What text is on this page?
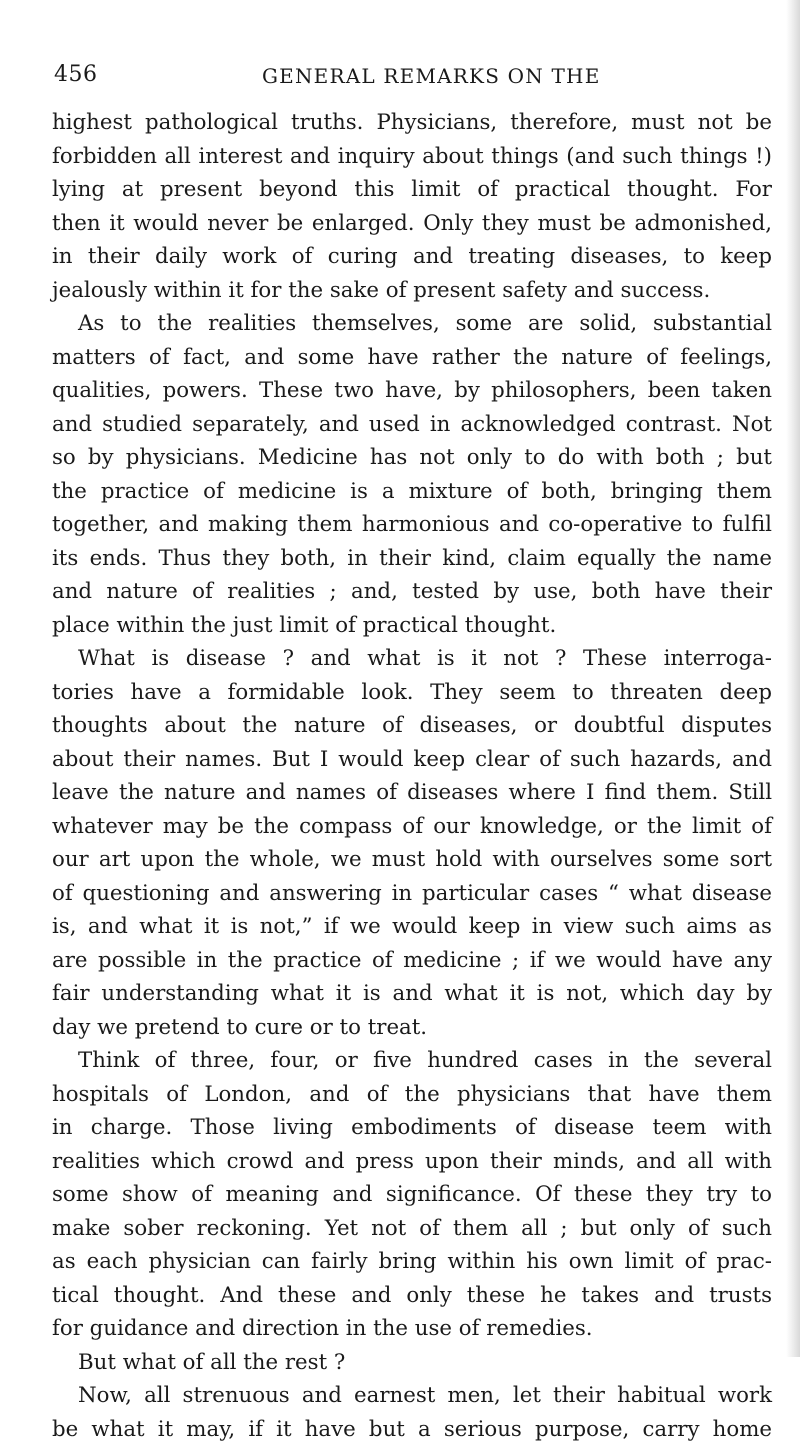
456	GENERAL REMARKS ON THE
highest pathological truths. Physicians, therefore, must not be
forbidden all interest and inquiry about things (and such things !)
lying at present beyond this limit of practical thought. For
then it would never be enlarged. Only they must be admonished,
in their daily work of curing and treating diseases, to keep
jealously within it for the sake of present safety and success.
As to the realities themselves, some are solid, substantial
matters of fact, and some have rather the nature of feelings,
qualities, powers. These two have, by philosophers, been taken
and studied separately, and used in acknowledged contrast. Not
so by physicians. Medicine has not only to do with both ; but
the practice of medicine is a mixture of both, bringing them
together, and making them harmonious and co-operative to fulfil
its ends. Thus they both, in their kind, claim equally the name
and nature of realities ; and, tested by use, both have their
place within the just limit of practical thought.
What is disease ? and what is it not ? These interroga-
tories have a formidable look. They seem to threaten deep
thoughts about the nature of diseases, or doubtful disputes
about their names. But I would keep clear of such hazards, and
leave the nature and names of diseases where I find them. Still
whatever may be the compass of our knowledge, or the limit of
our art upon the whole, we must hold with ourselves some sort
of questioning and answering in particular cases “ what disease
is, and what it is not,” if we would keep in view such aims as
are possible in the practice of medicine ; if we would have any
fair understanding what it is and what it is not, which day by
day we pretend to cure or to treat.
Think of three, four, or five hundred cases in the several
hospitals of London, and of the physicians that have them
in charge. Those living embodiments of disease teem with
realities which crowd and press upon their minds, and all with
some show of meaning and significance. Of these they try to
make sober reckoning. Yet not of them all ; but only of such
as each physician can fairly bring within his own limit of prac-
tical thought. And these and only these he takes and trusts
for guidance and direction in the use of remedies.
But what of all the rest ?
Now, all strenuous and earnest men, let their habitual work
be what it may, if it have but a serious purpose, carry home
